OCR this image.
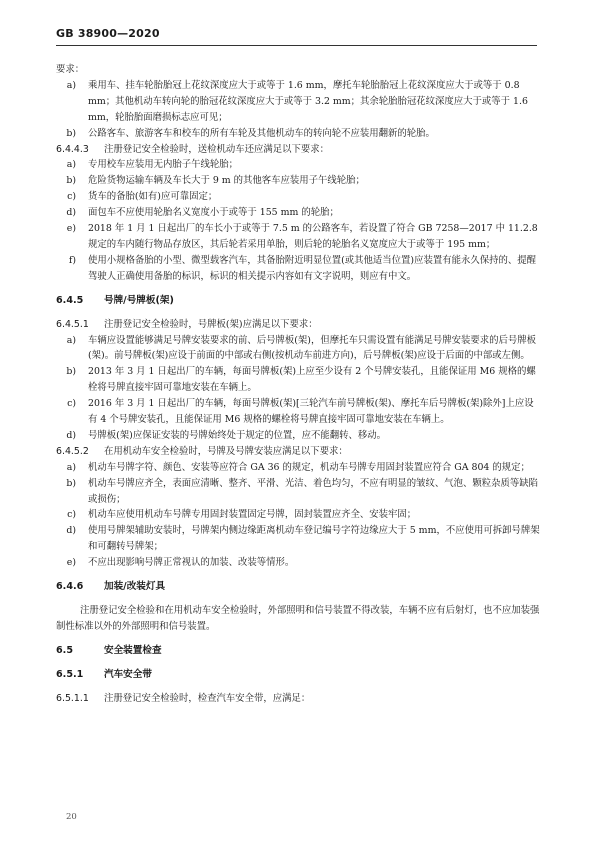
GB 38900—2020
要求：
a)	乘用车、挂车轮胎胎冠上花纹深度应大于或等于 1.6 mm，摩托车轮胎胎冠上花纹深度应大于或等于 0.8 mm；其他机动车转向轮的胎冠花纹深度应大于或等于 3.2 mm；其余轮胎胎冠花纹深度应大于或等于 1.6 mm，轮胎胎面磨损标志应可见；
b)	公路客车、旅游客车和校车的所有车轮及其他机动车的转向轮不应装用翻新的轮胎。
6.4.4.3	注册登记安全检验时，送检机动车还应满足以下要求：
a)	专用校车应装用无内胎子午线轮胎；
b)	危险货物运输车辆及车长大于 9 m 的其他客车应装用子午线轮胎；
c)	货车的备胎(如有)应可靠固定；
d)	面包车不应使用轮胎名义宽度小于或等于 155 mm 的轮胎；
e)	2018 年 1 月 1 日起出厂的车长小于或等于 7.5 m 的公路客车，若设置了符合 GB 7258—2017 中 11.2.8 规定的车内随行物品存放区，其后轮若采用单胎，则后轮的轮胎名义宽度应大于或等于 195 mm；
f)	使用小规格备胎的小型、微型载客汽车，其备胎附近明显位置(或其他适当位置)应装置有能永久保持的、提醒驾驶人正确使用备胎的标识，标识的相关提示内容如有文字说明，则应有中文。
6.4.5	号牌/号牌板(架)
6.4.5.1	注册登记安全检验时，号牌板(架)应满足以下要求：
a)	车辆应设置能够满足号牌安装要求的前、后号牌板(架)，但摩托车只需设置有能满足号牌安装要求的后号牌板(架)。前号牌板(架)应设于前面的中部或右侧(按机动车前进方向)，后号牌板(架)应设于后面的中部或左侧。
b)	2013 年 3 月 1 日起出厂的车辆，每面号牌板(架)上应至少设有 2 个号牌安装孔，且能保证用 M6 规格的螺栓将号牌直接牢固可靠地安装在车辆上。
c)	2016 年 3 月 1 日起出厂的车辆，每面号牌板(架)[三轮汽车前号牌板(架)、摩托车后号牌板(架)除外]上应设有 4 个号牌安装孔，且能保证用 M6 规格的螺栓将号牌直接牢固可靠地安装在车辆上。
d)	号牌板(架)应保证安装的号牌始终处于规定的位置，应不能翻转、移动。
6.4.5.2	在用机动车安全检验时，号牌及号牌安装应满足以下要求：
a)	机动车号牌字符、颜色、安装等应符合 GA 36 的规定，机动车号牌专用固封装置应符合 GA 804 的规定；
b)	机动车号牌应齐全，表面应清晰、整齐、平滑、光洁、着色均匀，不应有明显的皱纹、气泡、颗粒杂质等缺陷或损伤；
c)	机动车应使用机动车号牌专用固封装置固定号牌，固封装置应齐全、安装牢固；
d)	使用号牌架辅助安装时，号牌架内侧边缘距离机动车登记编号字符边缘应大于 5 mm，不应使用可拆卸号牌架和可翻转号牌架；
e)	不应出现影响号牌正常视认的加装、改装等情形。
6.4.6	加装/改装灯具
注册登记安全检验和在用机动车安全检验时，外部照明和信号装置不得改装，车辆不应有后射灯，也不应加装强制性标准以外的外部照明和信号装置。
6.5	安全装置检查
6.5.1	汽车安全带
6.5.1.1	注册登记安全检验时，检查汽车安全带，应满足：
20
